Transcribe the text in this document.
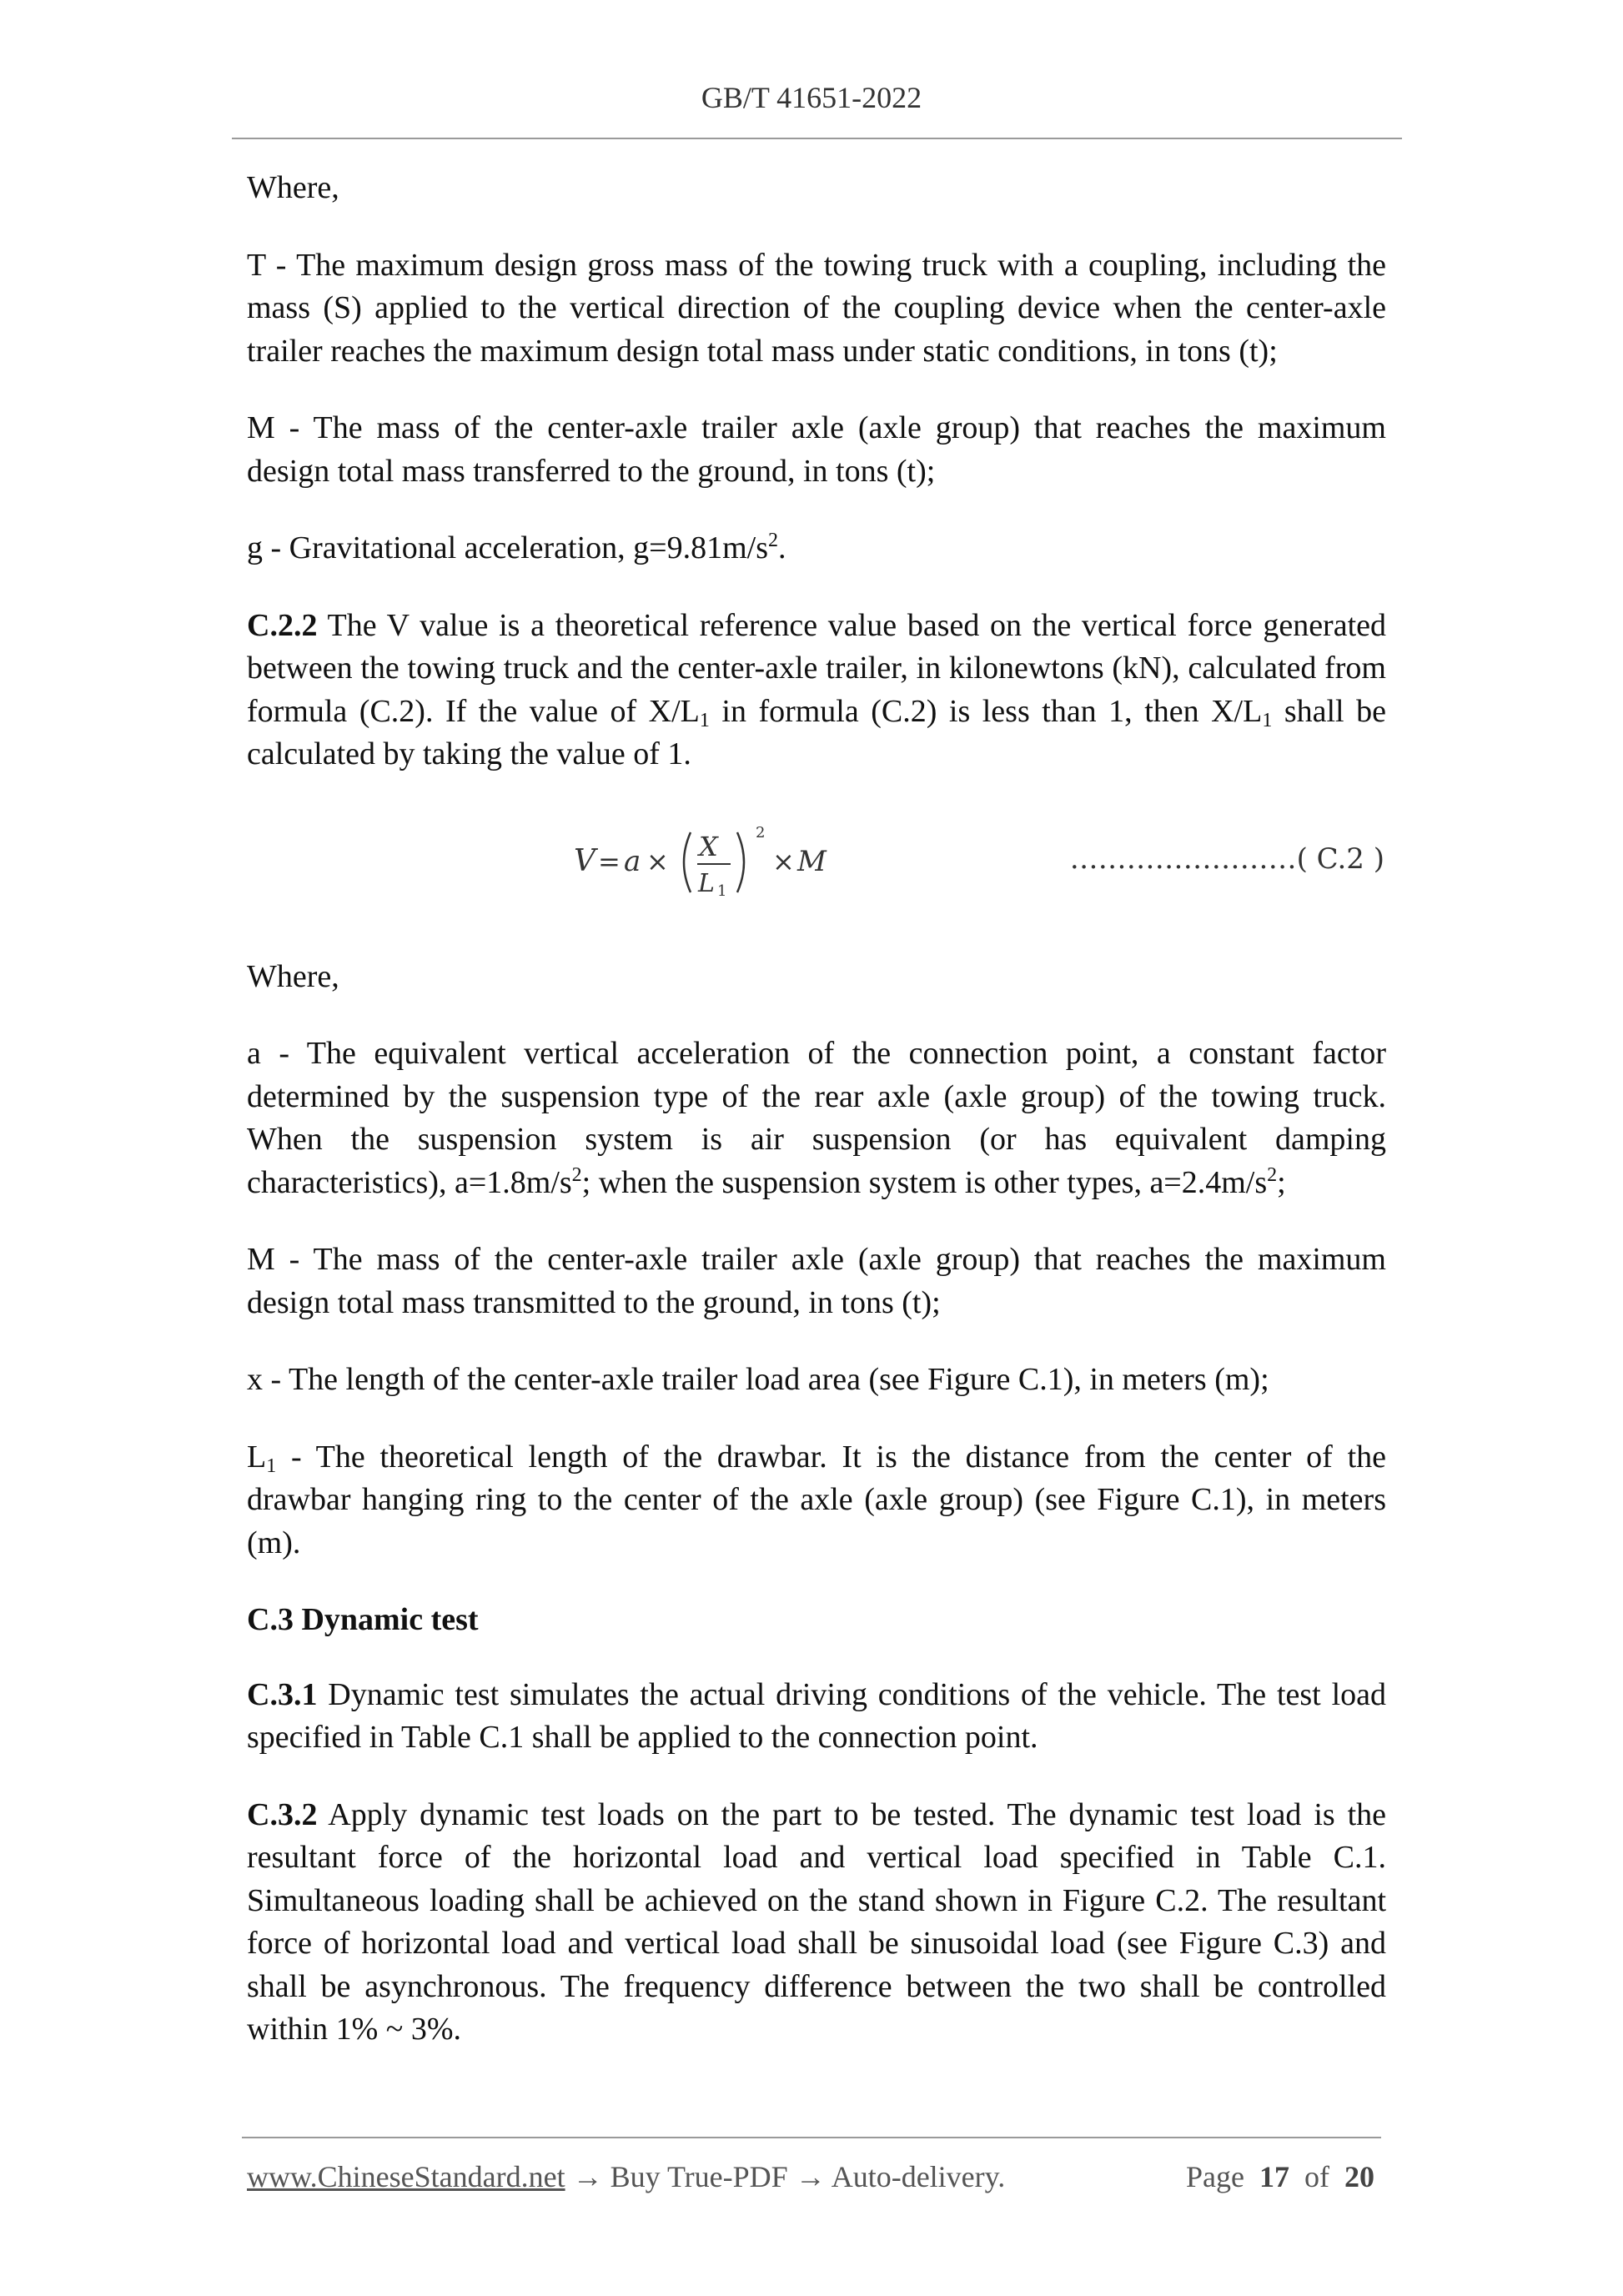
GB/T 41651-2022

Where,

T - The maximum design gross mass of the towing truck with a coupling, including the mass (S) applied to the vertical direction of the coupling device when the center-axle trailer reaches the maximum design total mass under static conditions, in tons (t);

M - The mass of the center-axle trailer axle (axle group) that reaches the maximum design total mass transferred to the ground, in tons (t);

g - Gravitational acceleration, $g=9.81m/s^2$.

C.2.2 The V value is a theoretical reference value based on the vertical force generated between the towing truck and the center-axle trailer, in kilonewtons (kN), calculated from formula (C.2). If the value of $X/L_1$ in formula (C.2) is less than 1, then $X/L_1$ shall be calculated by taking the value of 1.

V = a × X
L 1
2
× M	……………………( C.2 )

Where,

a - The equivalent vertical acceleration of the connection point, a constant factor determined by the suspension type of the rear axle (axle group) of the towing truck. When the suspension system is air suspension (or has equivalent damping characteristics), $a=1.8m/s^2$; when the suspension system is other types, $a=2.4m/s^2$;

M - The mass of the center-axle trailer axle (axle group) that reaches the maximum design total mass transmitted to the ground, in tons (t);

x - The length of the center-axle trailer load area (see Figure C.1), in meters (m);

$L_1$ - The theoretical length of the drawbar. It is the distance from the center of the drawbar hanging ring to the center of the axle (axle group) (see Figure C.1), in meters (m).

C.3 Dynamic test

C.3.1 Dynamic test simulates the actual driving conditions of the vehicle. The test load specified in Table C.1 shall be applied to the connection point.

C.3.2 Apply dynamic test loads on the part to be tested. The dynamic test load is the resultant force of the horizontal load and vertical load specified in Table C.1. Simultaneous loading shall be achieved on the stand shown in Figure C.2. The resultant force of horizontal load and vertical load shall be sinusoidal load (see Figure C.3) and shall be asynchronous. The frequency difference between the two shall be controlled within 1% ~ 3%.

www.ChineseStandard.net → Buy True-PDF → Auto-delivery.	Page 17 of 20
